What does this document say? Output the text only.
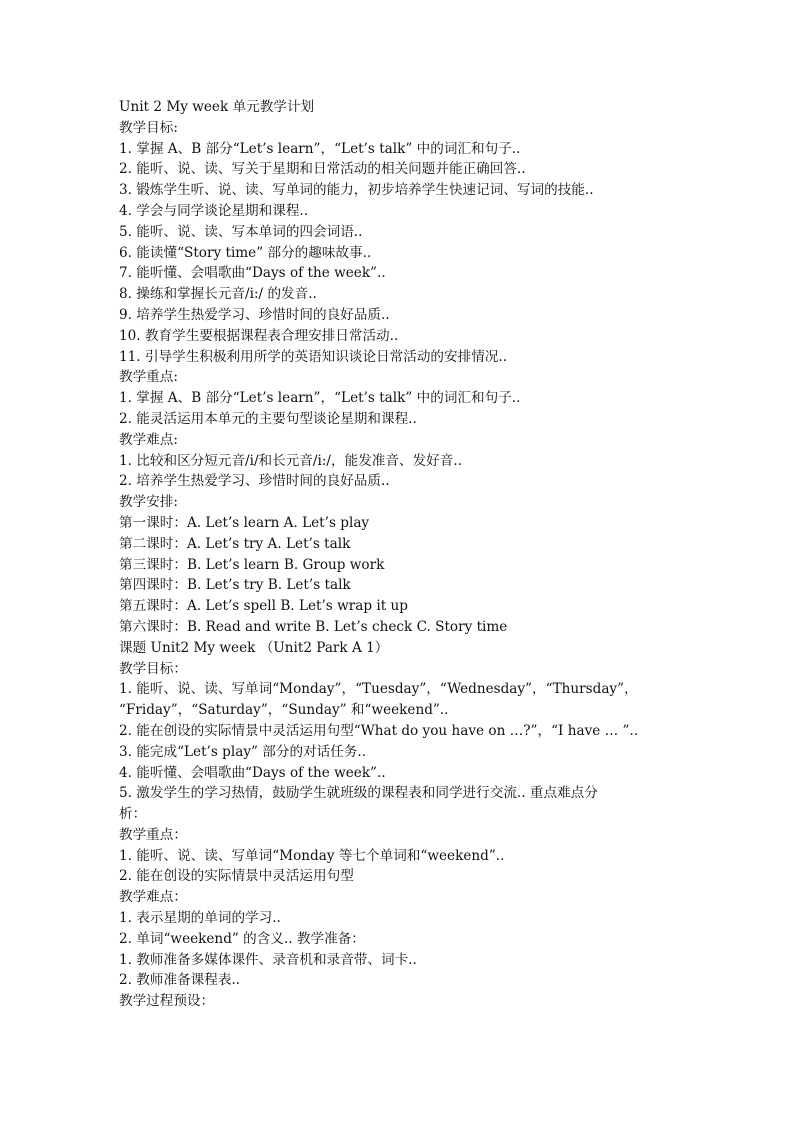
Unit 2 My week 单元教学计划

教学目标:

1. 掌握 A、B 部分“Let’s learn”，“Let’s talk” 中的词汇和句子..

2. 能听、说、读、写关于星期和日常活动的相关问题并能正确回答..

3. 锻炼学生听、说、读、写单词的能力，初步培养学生快速记词、写词的技能..

4. 学会与同学谈论星期和课程..

5. 能听、说、读、写本单词的四会词语..

6. 能读懂“Story time” 部分的趣味故事..

7. 能听懂、会唱歌曲“Days of the week”..

8. 操练和掌握长元音/i:/ 的发音..

9. 培养学生热爱学习、珍惜时间的良好品质..

10. 教育学生要根据课程表合理安排日常活动..

11. 引导学生积极利用所学的英语知识谈论日常活动的安排情况..

教学重点:

1. 掌握 A、B 部分“Let’s learn”，“Let’s talk” 中的词汇和句子..

2. 能灵活运用本单元的主要句型谈论星期和课程..

教学难点:

1. 比较和区分短元音/i/和长元音/i:/，能发准音、发好音..

2. 培养学生热爱学习、珍惜时间的良好品质..

教学安排:

第一课时：A. Let’s learn A. Let’s play

第二课时：A. Let’s try A. Let’s talk

第三课时：B. Let’s learn B. Group work

第四课时：B. Let’s try B. Let’s talk

第五课时：A. Let’s spell B. Let’s wrap it up

第六课时：B. Read and write B. Let’s check C. Story time

课题 Unit2 My week （Unit2 Park A 1）

教学目标：

1. 能听、说、读、写单词“Monday”，“Tuesday”，“Wednesday”，“Thursday”，

“Friday”，“Saturday”，“Sunday” 和“weekend”..

2. 能在创设的实际情景中灵活运用句型“What do you have on …?”，“I have … ”..

3. 能完成“Let’s play” 部分的对话任务..

4. 能听懂、会唱歌曲“Days of the week”..

5. 激发学生的学习热情，鼓励学生就班级的课程表和同学进行交流.. 重点难点分

析：

教学重点：

1. 能听、说、读、写单词“Monday 等七个单词和“weekend”..

2. 能在创设的实际情景中灵活运用句型

教学难点：

1. 表示星期的单词的学习..

2. 单词“weekend” 的含义.. 教学准备：

1. 教师准备多媒体课件、录音机和录音带、词卡..

2. 教师准备课程表..

教学过程预设：
